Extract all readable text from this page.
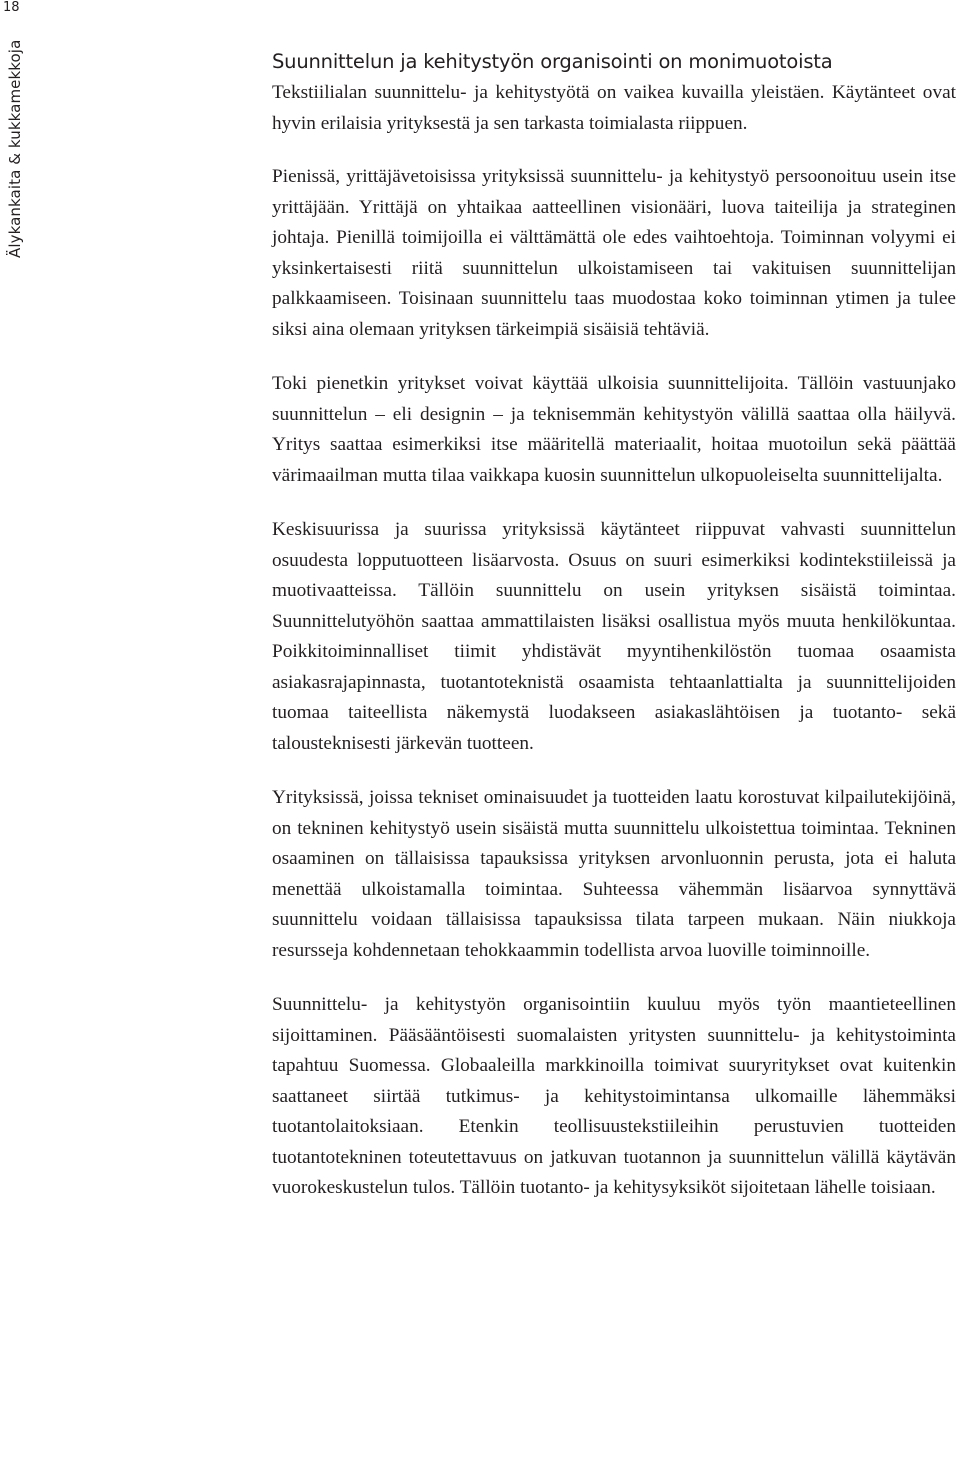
18
Älykankaita & kukkamekkoja	Suunnittelun ja kehitystyön organisointi on monimuotoista

Tekstiilialan suunnittelu- ja kehitystyötä on vaikea kuvailla yleistäen. Käytänteet ovat hyvin erilaisia yrityksestä ja sen tarkasta toimialasta riippuen.

Pienissä, yrittäjävetoisissa yrityksissä suunnittelu- ja kehitystyö persoonoituu usein itse yrittäjään. Yrittäjä on yhtaikaa aatteellinen visionääri, luova taiteilija ja strateginen johtaja. Pienillä toimijoilla ei välttämättä ole edes vaihtoehtoja. Toiminnan volyymi ei yksinkertaisesti riitä suunnittelun ulkoistamiseen tai vakituisen suunnittelijan palkkaamiseen. Toisinaan suunnittelu taas muodostaa koko toiminnan ytimen ja tulee siksi aina olemaan yrityksen tärkeimpiä sisäisiä tehtäviä.

Toki pienetkin yritykset voivat käyttää ulkoisia suunnittelijoita. Tällöin vastuunjako suunnittelun – eli designin – ja teknisemmän kehitystyön välillä saattaa olla häilyvä. Yritys saattaa esimerkiksi itse määritellä materiaalit, hoitaa muotoilun sekä päättää värimaailman mutta tilaa vaikkapa kuosin suunnittelun ulkopuoleiselta suunnittelijalta.

Keskisuurissa ja suurissa yrityksissä käytänteet riippuvat vahvasti suunnittelun osuudesta lopputuotteen lisäarvosta. Osuus on suuri esimerkiksi kodintekstiileissä ja muotivaatteissa. Tällöin suunnittelu on usein yrityksen sisäistä toimintaa. Suunnittelutyöhön saattaa ammattilaisten lisäksi osallistua myös muuta henkilökuntaa. Poikkitoiminnalliset tiimit yhdistävät myyntihenkilöstön tuomaa osaamista asiakasrajapinnasta, tuotantoteknistä osaamista tehtaanlattialta ja suunnittelijoiden tuomaa taiteellista näkemystä luodakseen asiakaslähtöisen ja tuotanto- sekä talousteknisesti järkevän tuotteen.

Yrityksissä, joissa tekniset ominaisuudet ja tuotteiden laatu korostuvat kilpailutekijöinä, on tekninen kehitystyö usein sisäistä mutta suunnittelu ulkoistettua toimintaa. Tekninen osaaminen on tällaisissa tapauksissa yrityksen arvonluonnin perusta, jota ei haluta menettää ulkoistamalla toimintaa. Suhteessa vähemmän lisäarvoa synnyttävä suunnittelu voidaan tällaisissa tapauksissa tilata tarpeen mukaan. Näin niukkoja resursseja kohdennetaan tehokkaammin todellista arvoa luoville toiminnoille.

Suunnittelu- ja kehitystyön organisointiin kuuluu myös työn maantieteellinen sijoittaminen. Pääsääntöisesti suomalaisten yritysten suunnittelu- ja kehitystoiminta tapahtuu Suomessa. Globaaleilla markkinoilla toimivat suuryritykset ovat kuitenkin saattaneet siirtää tutkimus- ja kehitystoimintansa ulkomaille lähemmäksi tuotantolaitoksiaan. Etenkin teollisuustekstiileihin perustuvien tuotteiden tuotantotekninen toteutettavuus on jatkuvan tuotannon ja suunnittelun välillä käytävän vuorokeskustelun tulos. Tällöin tuotanto- ja kehitysyksiköt sijoitetaan lähelle toisiaan.
